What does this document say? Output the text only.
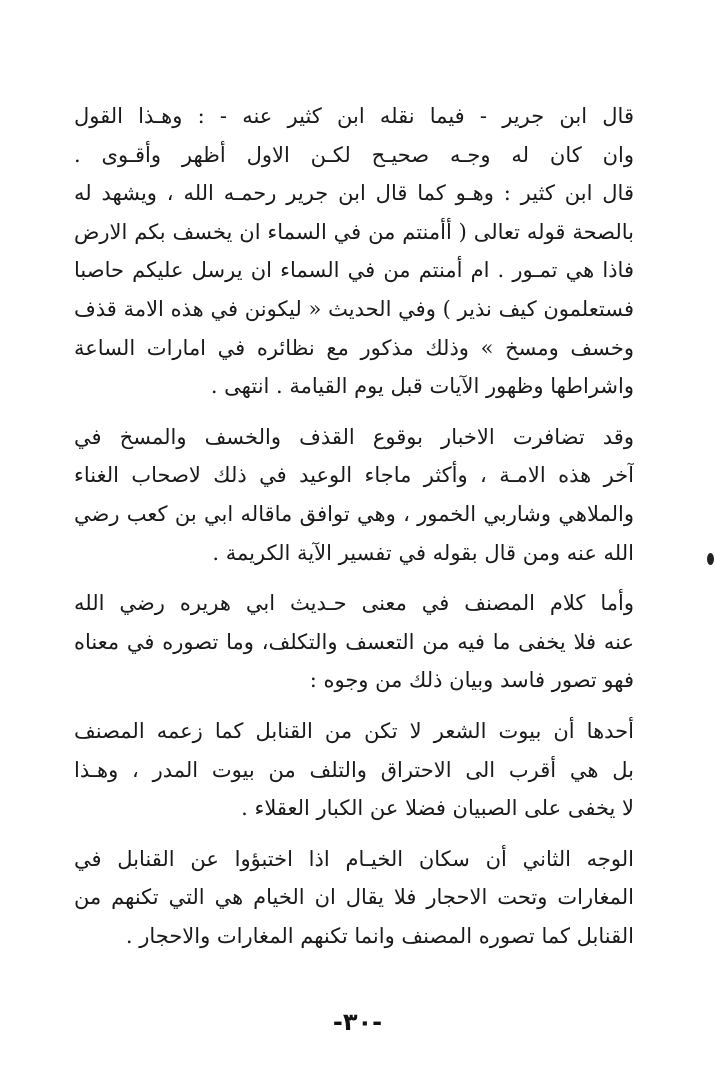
قال ابن جرير - فيما نقله ابن كثير عنه - : وهـذا القول
وان كان له وجـه صحيـح لكـن الاول أظهر وأقـوى .
قال ابن كثير : وهـو كما قال ابن جرير رحمـه الله ، ويشهد له
بالصحة قوله تعالى ( أأمنتم من في السماء ان يخسف بكم الارض
فاذا هي تمـور . ام أمنتم من في السماء ان يرسل عليكم حاصبا
فستعلمون كيف نذير ) وفي الحديث « ليكونن في هذه الامة قذف
وخسف ومسخ » وذلك مذكور مع نظائره في امارات الساعة
واشراطها وظهور الآيات قبل يوم القيامة . انتهى .
وقد تضافرت الاخبار بوقوع القذف والخسف والمسخ في
آخر هذه الامـة ، وأكثر ماجاء الوعيد في ذلك لاصحاب الغناء
والملاهي وشاربي الخمور ، وهي توافق ماقاله ابي بن كعب رضي
الله عنه ومن قال بقوله في تفسير الآية الكريمة .
وأما كلام المصنف في معنى حـديث ابي هريره رضي الله
عنه فلا يخفى ما فيه من التعسف والتكلف، وما تصوره في معناه
فهو تصور فاسد وبيان ذلك من وجوه :
أحدها أن بيوت الشعر لا تكن من القنابل كما زعمه المصنف
بل هي أقرب الى الاحتراق والتلف من بيوت المدر ، وهـذا
لا يخفى على الصبيان فضلا عن الكبار العقلاء .
الوجه الثاني أن سكان الخيـام اذا اختبؤوا عن القنابل في
المغارات وتحت الاحجار فلا يقال ان الخيام هي التي تكنهم من
القنابل كما تصوره المصنف وانما تكنهم المغارات والاحجار .
-٣٠-
